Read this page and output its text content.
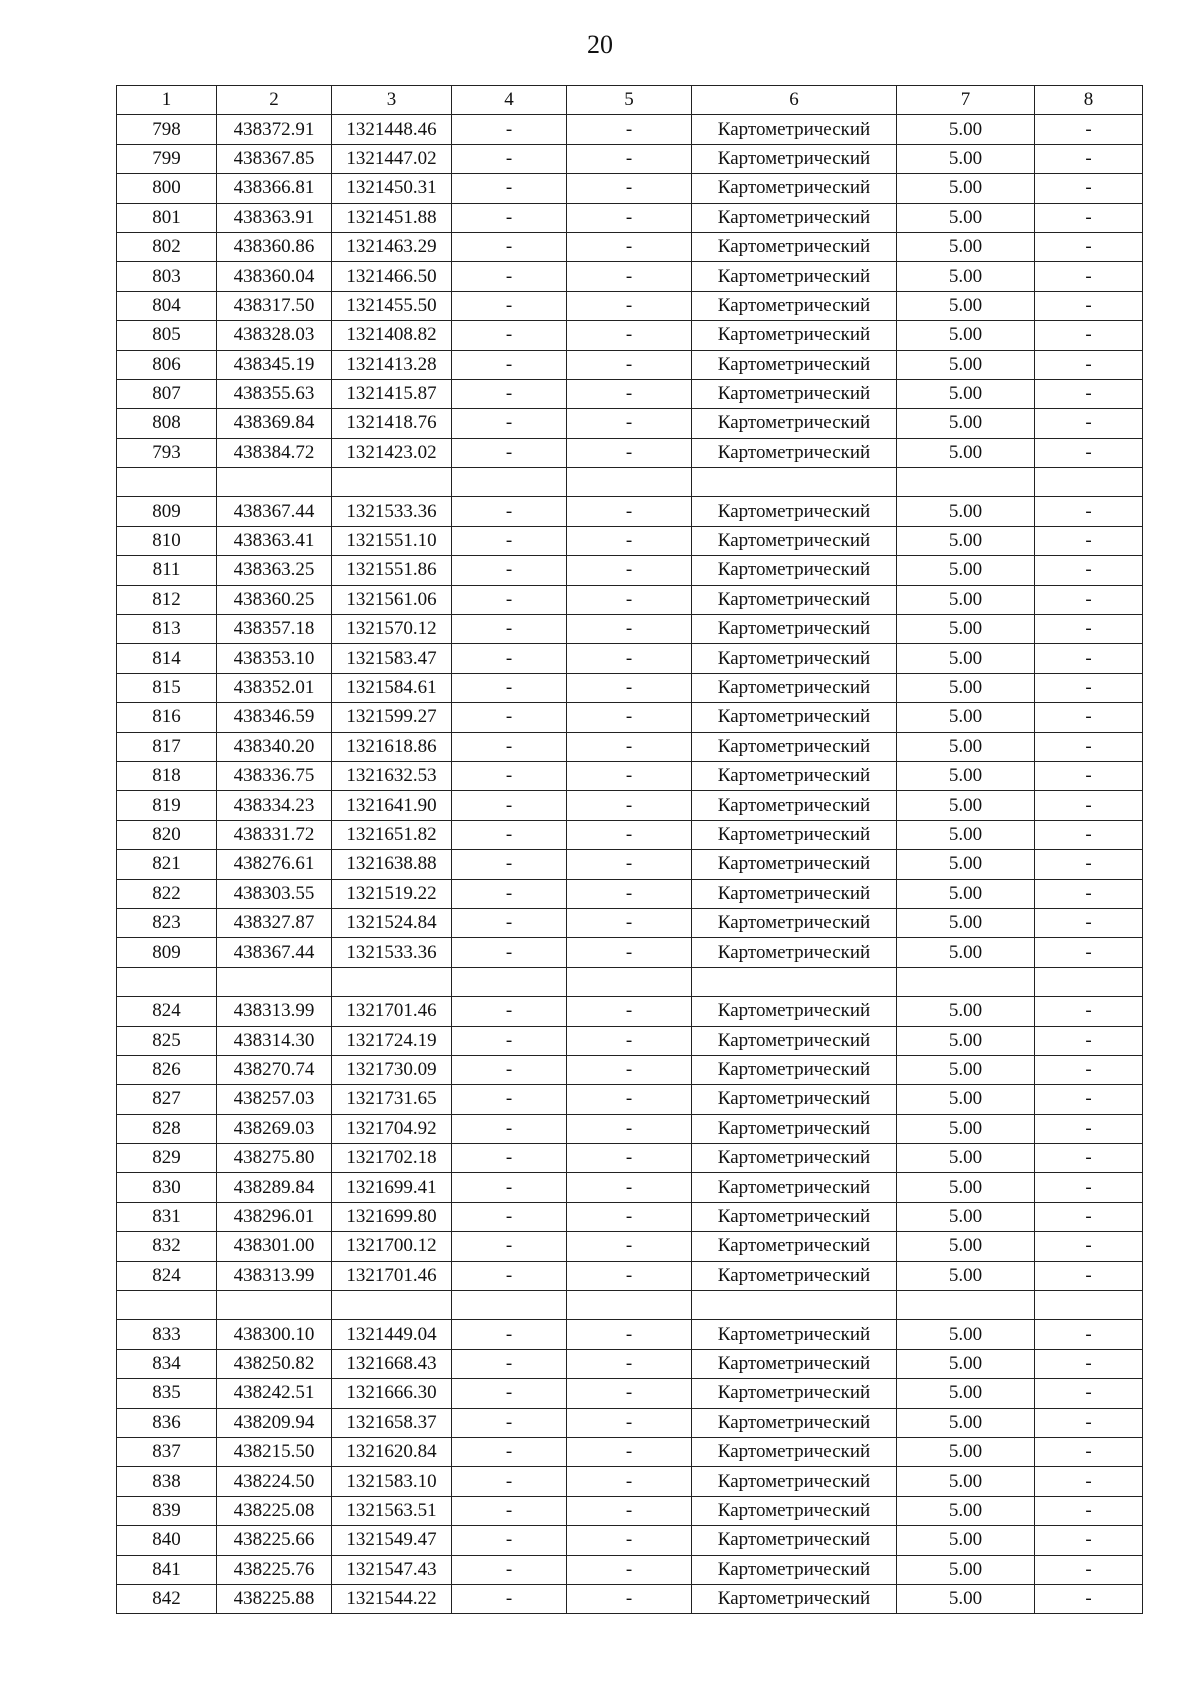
20
1	2	3	4	5	6	7	8
798	438372.91	1321448.46	-	-	Картометрический	5.00	-
799	438367.85	1321447.02	-	-	Картометрический	5.00	-
800	438366.81	1321450.31	-	-	Картометрический	5.00	-
801	438363.91	1321451.88	-	-	Картометрический	5.00	-
802	438360.86	1321463.29	-	-	Картометрический	5.00	-
803	438360.04	1321466.50	-	-	Картометрический	5.00	-
804	438317.50	1321455.50	-	-	Картометрический	5.00	-
805	438328.03	1321408.82	-	-	Картометрический	5.00	-
806	438345.19	1321413.28	-	-	Картометрический	5.00	-
807	438355.63	1321415.87	-	-	Картометрический	5.00	-
808	438369.84	1321418.76	-	-	Картометрический	5.00	-
793	438384.72	1321423.02	-	-	Картометрический	5.00	-

809	438367.44	1321533.36	-	-	Картометрический	5.00	-
810	438363.41	1321551.10	-	-	Картометрический	5.00	-
811	438363.25	1321551.86	-	-	Картометрический	5.00	-
812	438360.25	1321561.06	-	-	Картометрический	5.00	-
813	438357.18	1321570.12	-	-	Картометрический	5.00	-
814	438353.10	1321583.47	-	-	Картометрический	5.00	-
815	438352.01	1321584.61	-	-	Картометрический	5.00	-
816	438346.59	1321599.27	-	-	Картометрический	5.00	-
817	438340.20	1321618.86	-	-	Картометрический	5.00	-
818	438336.75	1321632.53	-	-	Картометрический	5.00	-
819	438334.23	1321641.90	-	-	Картометрический	5.00	-
820	438331.72	1321651.82	-	-	Картометрический	5.00	-
821	438276.61	1321638.88	-	-	Картометрический	5.00	-
822	438303.55	1321519.22	-	-	Картометрический	5.00	-
823	438327.87	1321524.84	-	-	Картометрический	5.00	-
809	438367.44	1321533.36	-	-	Картометрический	5.00	-

824	438313.99	1321701.46	-	-	Картометрический	5.00	-
825	438314.30	1321724.19	-	-	Картометрический	5.00	-
826	438270.74	1321730.09	-	-	Картометрический	5.00	-
827	438257.03	1321731.65	-	-	Картометрический	5.00	-
828	438269.03	1321704.92	-	-	Картометрический	5.00	-
829	438275.80	1321702.18	-	-	Картометрический	5.00	-
830	438289.84	1321699.41	-	-	Картометрический	5.00	-
831	438296.01	1321699.80	-	-	Картометрический	5.00	-
832	438301.00	1321700.12	-	-	Картометрический	5.00	-
824	438313.99	1321701.46	-	-	Картометрический	5.00	-

833	438300.10	1321449.04	-	-	Картометрический	5.00	-
834	438250.82	1321668.43	-	-	Картометрический	5.00	-
835	438242.51	1321666.30	-	-	Картометрический	5.00	-
836	438209.94	1321658.37	-	-	Картометрический	5.00	-
837	438215.50	1321620.84	-	-	Картометрический	5.00	-
838	438224.50	1321583.10	-	-	Картометрический	5.00	-
839	438225.08	1321563.51	-	-	Картометрический	5.00	-
840	438225.66	1321549.47	-	-	Картометрический	5.00	-
841	438225.76	1321547.43	-	-	Картометрический	5.00	-
842	438225.88	1321544.22	-	-	Картометрический	5.00	-
